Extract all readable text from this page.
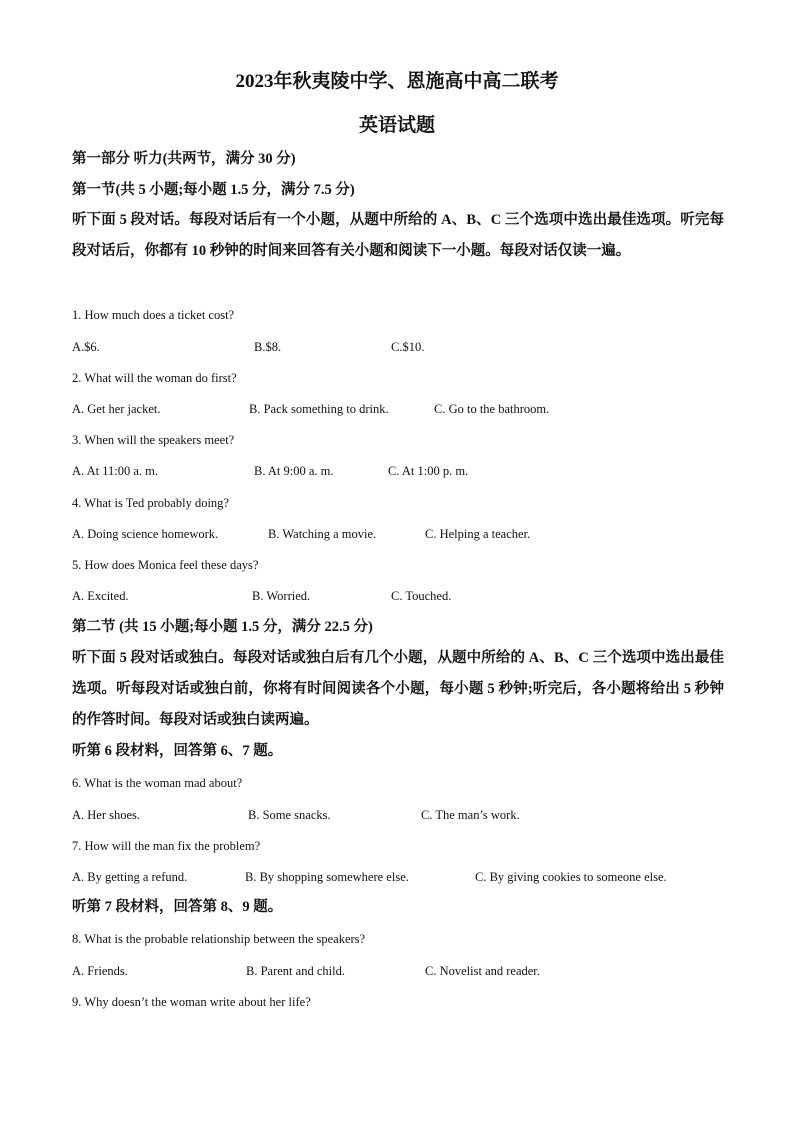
2023年秋夷陵中学、恩施高中高二联考
英语试题
第一部分 听力(共两节，满分 30 分)
第一节(共 5 小题;每小题 1.5 分，满分 7.5 分)
听下面 5 段对话。每段对话后有一个小题，从题中所给的 A、B、C 三个选项中选出最佳选项。听完每段对话后，你都有 10 秒钟的时间来回答有关小题和阅读下一小题。每段对话仅读一遍。
1. How much does a ticket cost?
A.$6.	B.$8.	C.$10.
2. What will the woman do first?
A. Get her jacket.	B. Pack something to drink.	C. Go to the bathroom.
3. When will the speakers meet?
A. At 11:00 a. m.	B. At 9:00 a. m.	C. At 1:00 p. m.
4. What is Ted probably doing?
A. Doing science homework.	B. Watching a movie.	C. Helping a teacher.
5. How does Monica feel these days?
A. Excited.	B. Worried.	C. Touched.
第二节 (共 15 小题;每小题 1.5 分，满分 22.5 分)
听下面 5 段对话或独白。每段对话或独白后有几个小题，从题中所给的 A、B、C 三个选项中选出最佳选项。听每段对话或独白前，你将有时间阅读各个小题，每小题 5 秒钟;听完后，各小题将给出 5 秒钟的作答时间。每段对话或独白读两遍。
听第 6 段材料，回答第 6、7 题。
6. What is the woman mad about?
A. Her shoes.	B. Some snacks.	C. The man’s work.
7. How will the man fix the problem?
A. By getting a refund.	B. By shopping somewhere else.	C. By giving cookies to someone else.
听第 7 段材料，回答第 8、9 题。
8. What is the probable relationship between the speakers?
A. Friends.	B. Parent and child.	C. Novelist and reader.
9. Why doesn’t the woman write about her life?
